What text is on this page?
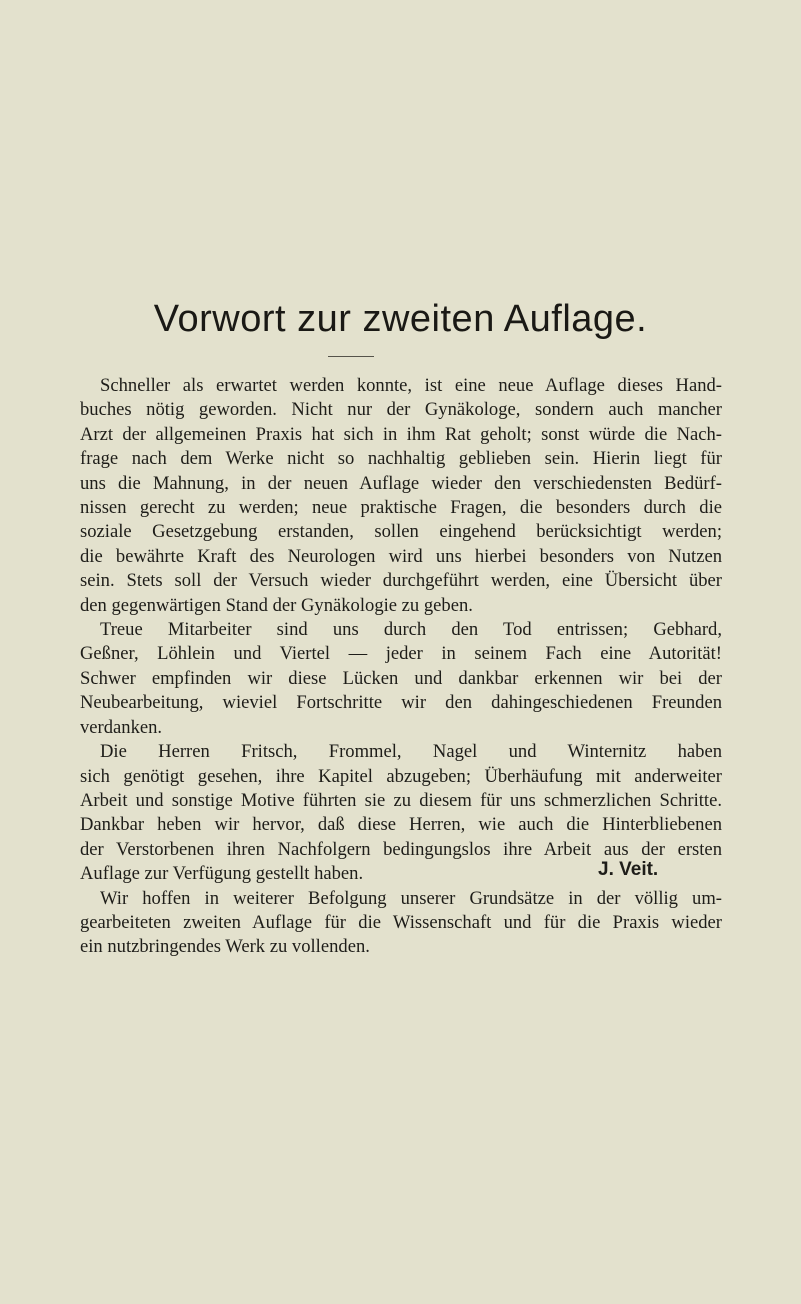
Vorwort zur zweiten Auflage.
Schneller als erwartet werden konnte, ist eine neue Auflage dieses Hand-
buches nötig geworden. Nicht nur der Gynäkologe, sondern auch mancher
Arzt der allgemeinen Praxis hat sich in ihm Rat geholt; sonst würde die Nach-
frage nach dem Werke nicht so nachhaltig geblieben sein. Hierin liegt für
uns die Mahnung, in der neuen Auflage wieder den verschiedensten Bedürf-
nissen gerecht zu werden; neue praktische Fragen, die besonders durch die
soziale Gesetzgebung erstanden, sollen eingehend berücksichtigt werden;
die bewährte Kraft des Neurologen wird uns hierbei besonders von Nutzen
sein. Stets soll der Versuch wieder durchgeführt werden, eine Übersicht über
den gegenwärtigen Stand der Gynäkologie zu geben.
Treue Mitarbeiter sind uns durch den Tod entrissen; Gebhard,
Geßner, Löhlein und Viertel — jeder in seinem Fach eine Autorität!
Schwer empfinden wir diese Lücken und dankbar erkennen wir bei der
Neubearbeitung, wieviel Fortschritte wir den dahingeschiedenen Freunden
verdanken.
Die Herren Fritsch, Frommel, Nagel und Winternitz haben
sich genötigt gesehen, ihre Kapitel abzugeben; Überhäufung mit anderweiter
Arbeit und sonstige Motive führten sie zu diesem für uns schmerzlichen Schritte.
Dankbar heben wir hervor, daß diese Herren, wie auch die Hinterbliebenen
der Verstorbenen ihren Nachfolgern bedingungslos ihre Arbeit aus der ersten
Auflage zur Verfügung gestellt haben.
Wir hoffen in weiterer Befolgung unserer Grundsätze in der völlig um-
gearbeiteten zweiten Auflage für die Wissenschaft und für die Praxis wieder
ein nutzbringendes Werk zu vollenden.
J. Veit.
